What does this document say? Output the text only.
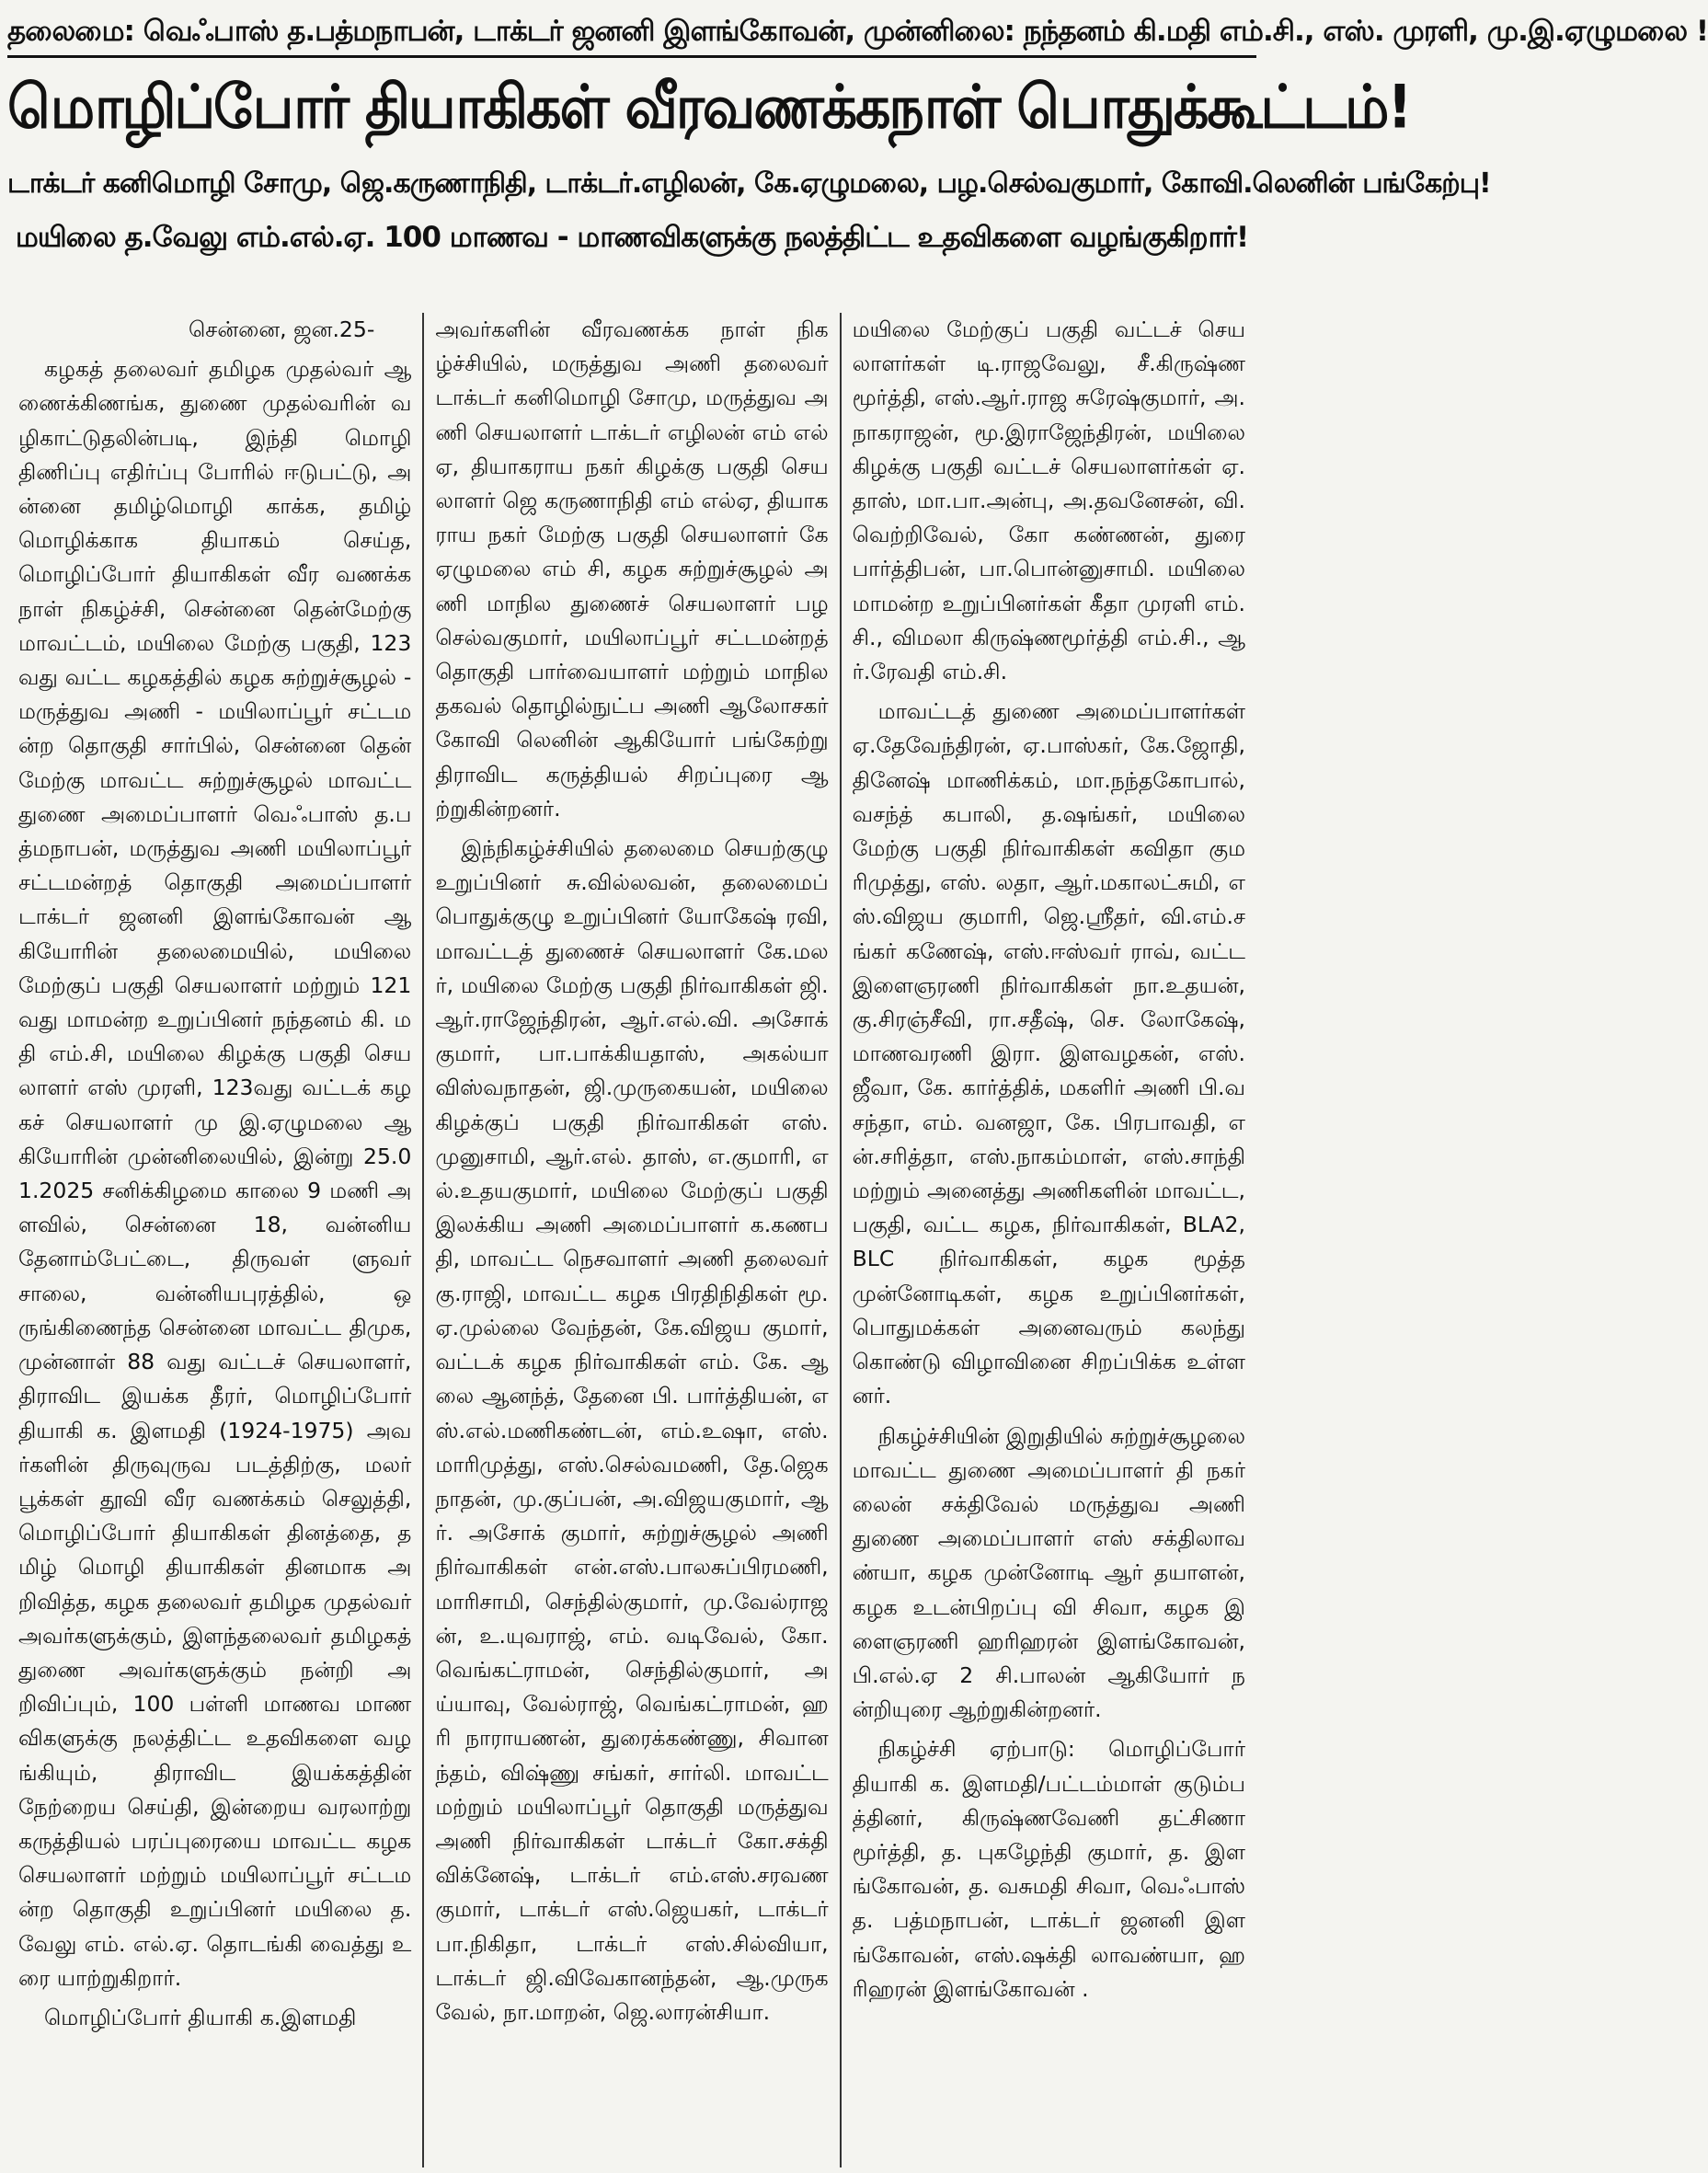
தலைமை: வெஃபாஸ் த.பத்மநாபன், டாக்டர் ஜனனி இளங்கோவன், முன்னிலை: நந்தனம் கி.மதி எம்.சி., எஸ். முரளி, மு.இ.ஏழுமலை !
மொழிப்போர் தியாகிகள் வீரவணக்கநாள் பொதுக்கூட்டம்!
டாக்டர் கனிமொழி சோமு, ஜெ.கருணாநிதி, டாக்டர்.எழிலன், கே.ஏழுமலை, பழ.செல்வகுமார், கோவி.லெனின் பங்கேற்பு!
மயிலை த.வேலு எம்.எல்.ஏ. 100 மாணவ - மாணவிகளுக்கு நலத்திட்ட உதவிகளை வழங்குகிறார்!

சென்னை, ஜன.25-

கழகத் தலைவர் தமிழக முதல்வர் ஆணைக்கிணங்க, துணை முதல்வரின் வழிகாட்டுதலின்படி, இந்தி மொழி திணிப்பு எதிர்ப்பு போரில் ஈடுபட்டு, அன்னை தமிழ்மொழி காக்க, தமிழ் மொழிக்காக தியாகம் செய்த, மொழிப்போர் தியாகிகள் வீர வணக்க நாள் நிகழ்ச்சி, சென்னை தென்மேற்கு மாவட்டம், மயிலை மேற்கு பகுதி, 123வது வட்ட கழகத்தில் கழக சுற்றுச்சூழல் - மருத்துவ அணி - மயிலாப்பூர் சட்டமன்ற தொகுதி சார்பில், சென்னை தென் மேற்கு மாவட்ட சுற்றுச்சூழல் மாவட்ட துணை அமைப்பாளர் வெஃபாஸ் த.பத்மநாபன், மருத்துவ அணி மயிலாப்பூர் சட்டமன்றத் தொகுதி அமைப்பாளர் டாக்டர் ஜனனி இளங்கோவன் ஆகியோரின் தலைமையில், மயிலை மேற்குப் பகுதி செயலாளர் மற்றும் 121 வது மாமன்ற உறுப்பினர் நந்தனம் கி. மதி எம்.சி, மயிலை கிழக்கு பகுதி செயலாளர் எஸ் முரளி, 123வது வட்டக் கழகச் செயலாளர் மு இ.ஏழுமலை ஆகியோரின் முன்னிலையில், இன்று 25.01.2025 சனிக்கிழமை காலை 9 மணி அளவில், சென்னை 18, வன்னிய தேனாம்பேட்டை, திருவள் ளுவர் சாலை, வன்னியபுரத்தில், ஒருங்கிணைந்த சென்னை மாவட்ட திமுக, முன்னாள் 88 வது வட்டச் செயலாளர், திராவிட இயக்க தீரர், மொழிப்போர் தியாகி க. இளமதி (1924-1975) அவர்களின் திருவுருவ படத்திற்கு, மலர் பூக்கள் தூவி வீர வணக்கம் செலுத்தி, மொழிப்போர் தியாகிகள் தினத்தை, தமிழ் மொழி தியாகிகள் தினமாக அறிவித்த, கழக தலைவர் தமிழக முதல்வர் அவர்களுக்கும், இளந்தலைவர் தமிழகத் துணை அவர்களுக்கும் நன்றி அறிவிப்பும், 100 பள்ளி மாணவ மாணவிகளுக்கு நலத்திட்ட உதவிகளை வழங்கியும், திராவிட இயக்கத்தின் நேற்றைய செய்தி, இன்றைய வரலாற்று கருத்தியல் பரப்புரையை மாவட்ட கழக செயலாளர் மற்றும் மயிலாப்பூர் சட்டமன்ற தொகுதி உறுப்பினர் மயிலை த. வேலு எம். எல்.ஏ. தொடங்கி வைத்து உரை யாற்றுகிறார்.

மொழிப்போர் தியாகி க.இளமதி

அவர்களின் வீரவணக்க நாள் நிகழ்ச்சியில், மருத்துவ அணி தலைவர் டாக்டர் கனிமொழி சோமு, மருத்துவ அணி செயலாளர் டாக்டர் எழிலன் எம் எல் ஏ, தியாகராய நகர் கிழக்கு பகுதி செயலாளர் ஜெ கருணாநிதி எம் எல்ஏ, தியாகராய நகர் மேற்கு பகுதி செயலாளர் கே ஏழுமலை எம் சி, கழக சுற்றுச்சூழல் அணி மாநில துணைச் செயலாளர் பழ செல்வகுமார், மயிலாப்பூர் சட்டமன்றத் தொகுதி பார்வையாளர் மற்றும் மாநில தகவல் தொழில்நுட்ப அணி ஆலோசகர் கோவி லெனின் ஆகியோர் பங்கேற்று திராவிட கருத்தியல் சிறப்புரை ஆற்றுகின்றனர்.

இந்நிகழ்ச்சியில் தலைமை செயற்குழு உறுப்பினர் சு.வில்லவன், தலைமைப் பொதுக்குழு உறுப்பினர் யோகேஷ் ரவி, மாவட்டத் துணைச் செயலாளர் கே.மலர், மயிலை மேற்கு பகுதி நிர்வாகிகள் ஜி.ஆர்.ராஜேந்திரன், ஆர்.எல்.வி. அசோக் குமார், பா.பாக்கியதாஸ், அகல்யா விஸ்வநாதன், ஜி.முருகையன், மயிலை கிழக்குப் பகுதி நிர்வாகிகள் எஸ்.முனுசாமி, ஆர்.எல். தாஸ், எ.குமாரி, எல்.உதயகுமார், மயிலை மேற்குப் பகுதி இலக்கிய அணி அமைப்பாளர் க.கணபதி, மாவட்ட நெசவாளர் அணி தலைவர் கு.ராஜி, மாவட்ட கழக பிரதிநிதிகள் மூ.ஏ.முல்லை வேந்தன், கே.விஜய குமார், வட்டக் கழக நிர்வாகிகள் எம். கே. ஆலை ஆனந்த், தேனை பி. பார்த்தியன், எஸ்.எல்.மணிகண்டன், எம்.உஷா, எஸ்.மாரிமுத்து, எஸ்.செல்வமணி, தே.ஜெகநாதன், மு.குப்பன், அ.விஜயகுமார், ஆர். அசோக் குமார், சுற்றுச்சூழல் அணி நிர்வாகிகள் என்.எஸ்.பாலசுப்பிரமணி, மாரிசாமி, செந்தில்குமார், மு.வேல்ராஜன், உ.யுவராஜ், எம். வடிவேல், கோ.வெங்கட்ராமன், செந்தில்குமார், அய்யாவு, வேல்ராஜ், வெங்கட்ராமன், ஹரி நாராயணன், துரைக்கண்ணு, சிவானந்தம், விஷ்ணு சங்கர், சார்லி. மாவட்ட மற்றும் மயிலாப்பூர் தொகுதி மருத்துவ அணி நிர்வாகிகள் டாக்டர் கோ.சக்தி விக்னேஷ், டாக்டர் எம்.எஸ்.சரவண குமார், டாக்டர் எஸ்.ஜெயகர், டாக்டர் பா.நிகிதா, டாக்டர் எஸ்.சில்வியா, டாக்டர் ஜி.விவேகானந்தன், ஆ.முருகவேல், நா.மாறன், ஜெ.லாரன்சியா.

மயிலை மேற்குப் பகுதி வட்டச் செயலாளர்கள் டி.ராஜவேலு, சீ.கிருஷ்ணமூர்த்தி, எஸ்.ஆர்.ராஜ சுரேஷ்குமார், அ.நாகராஜன், மூ.இராஜேந்திரன், மயிலை கிழக்கு பகுதி வட்டச் செயலாளர்கள் ஏ.தாஸ், மா.பா.அன்பு, அ.தவனேசன், வி.வெற்றிவேல், கோ கண்ணன், துரை பார்த்திபன், பா.பொன்னுசாமி. மயிலை மாமன்ற உறுப்பினர்கள் கீதா முரளி எம்.சி., விமலா கிருஷ்ணமூர்த்தி எம்.சி., ஆர்.ரேவதி எம்.சி.

மாவட்டத் துணை அமைப்பாளர்கள் ஏ.தேவேந்திரன், ஏ.பாஸ்கர், கே.ஜோதி, தினேஷ் மாணிக்கம், மா.நந்தகோபால், வசந்த் கபாலி, த.ஷங்கர், மயிலை மேற்கு பகுதி நிர்வாகிகள் கவிதா குமரிமுத்து, எஸ். லதா, ஆர்.மகாலட்சுமி, எஸ்.விஜய குமாரி, ஜெ.ஸ்ரீதர், வி.எம்.சங்கர் கணேஷ், எஸ்.ஈஸ்வர் ராவ், வட்ட இளைஞரணி நிர்வாகிகள் நா.உதயன், கு.சிரஞ்சீவி, ரா.சதீஷ், செ. லோகேஷ், மாணவரணி இரா. இளவழகன், எஸ்.ஜீவா, கே. கார்த்திக், மகளிர் அணி பி.வசந்தா, எம். வனஜா, கே. பிரபாவதி, என்.சரித்தா, எஸ்.நாகம்மாள், எஸ்.சாந்தி மற்றும் அனைத்து அணிகளின் மாவட்ட, பகுதி, வட்ட கழக, நிர்வாகிகள், BLA2, BLC நிர்வாகிகள், கழக மூத்த முன்னோடிகள், கழக உறுப்பினர்கள், பொதுமக்கள் அனைவரும் கலந்து கொண்டு விழாவினை சிறப்பிக்க உள்ளனர்.

நிகழ்ச்சியின் இறுதியில் சுற்றுச்சூழலை மாவட்ட துணை அமைப்பாளர் தி நகர் லைன் சக்திவேல் மருத்துவ அணி துணை அமைப்பாளர் எஸ் சக்திலாவண்யா, கழக முன்னோடி ஆர் தயாளன், கழக உடன்பிறப்பு வி சிவா, கழக இளைஞரணி ஹரிஹரன் இளங்கோவன், பி.எல்.ஏ 2 சி.பாலன் ஆகியோர் நன்றியுரை ஆற்றுகின்றனர்.

நிகழ்ச்சி ஏற்பாடு: மொழிப்போர் தியாகி க. இளமதி/பட்டம்மாள் குடும்பத்தினர், கிருஷ்ணவேணி தட்சிணா மூர்த்தி, த. புகழேந்தி குமார், த. இளங்கோவன், த. வசுமதி சிவா, வெஃபாஸ் த. பத்மநாபன், டாக்டர் ஜனனி இளங்கோவன், எஸ்.ஷக்தி லாவண்யா, ஹரிஹரன் இளங்கோவன் .
